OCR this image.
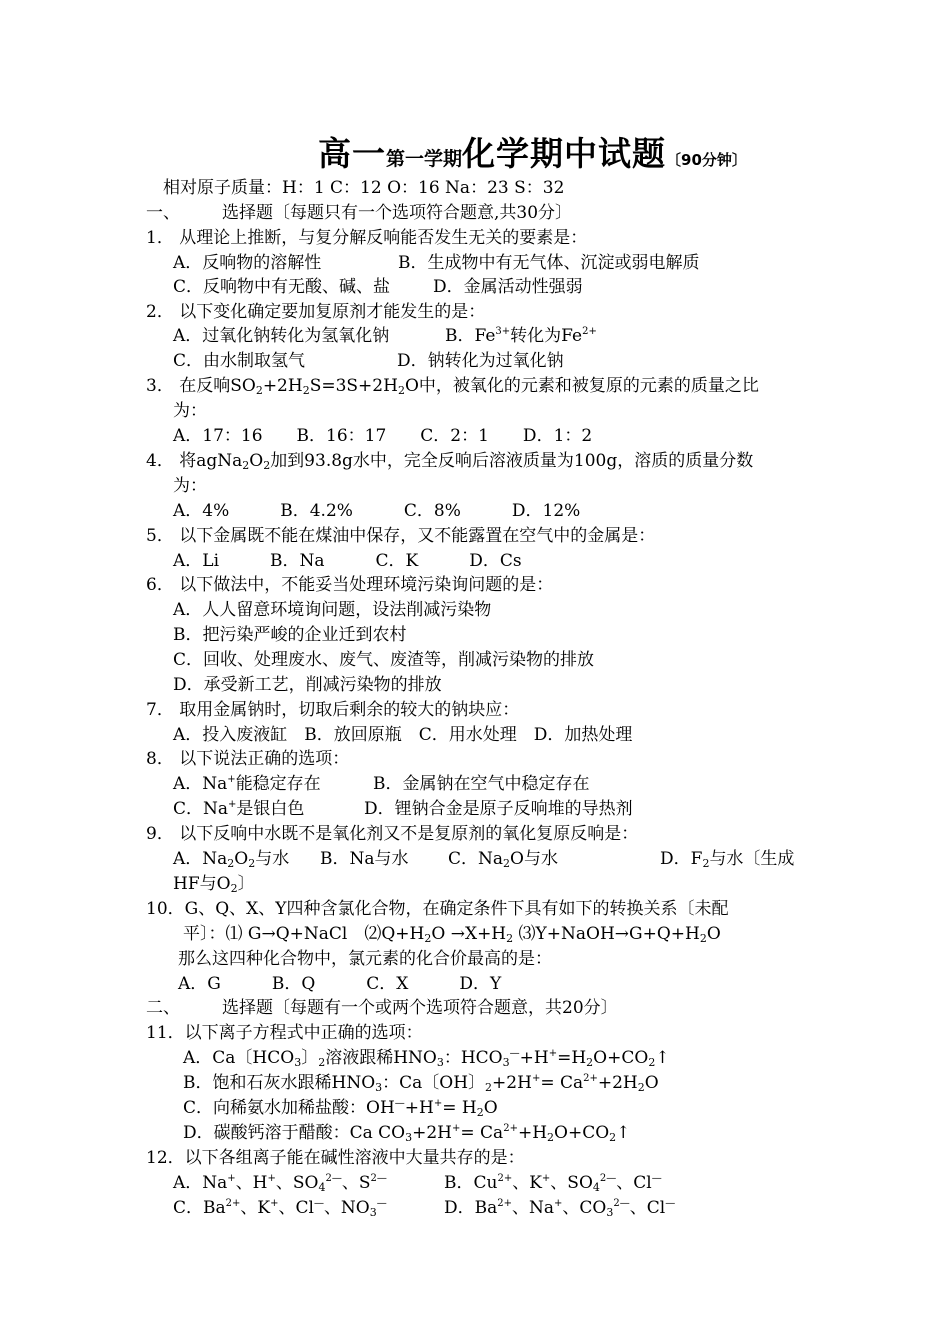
高一第一学期化学期中试题〔90分钟〕
相对原子质量：H：1 C：12 O：16 Na：23 S：32
一、 选择题〔每题只有一个选项符合题意,共30分〕
1． 从理论上推断，与复分解反响能否发生无关的要素是：
A．反响物的溶解性	B．生成物中有无气体、沉淀或弱电解质
C．反响物中有无酸、碱、盐	D．金属活动性强弱
2． 以下变化确定要加复原剂才能发生的是：
A．过氧化钠转化为氢氧化钠	B．$Fe^{3+}$转化为$Fe^{2+}$
C．由水制取氢气	D．钠转化为过氧化钠
3． 在反响$SO_2+2H_2S=3S+2H_2O$中，被氧化的元素和被复原的元素的质量之比
为：
A．17：16　　B．16：17　　C．2：1　　D．1：2
4． 将$agNa_2O_2$加到93.8g水中，完全反响后溶液质量为100g，溶质的质量分数
为：
A．4%　　　B．4.2%　　　C．8%　　　D．12%
5． 以下金属既不能在煤油中保存，又不能露置在空气中的金属是：
A．Li　　　B．Na　　　C．K　　　D．Cs
6． 以下做法中，不能妥当处理环境污染询问题的是：
A．人人留意环境询问题，设法削减污染物
B．把污染严峻的企业迁到农村
C．回收、处理废水、废气、废渣等，削减污染物的排放
D．承受新工艺，削减污染物的排放
7． 取用金属钠时，切取后剩余的较大的钠块应：
A．投入废液缸　B．放回原瓶　C．用水处理　D．加热处理
8． 以下说法正确的选项：
A．Na+能稳定存在	B．金属钠在空气中稳定存在
C．Na+是银白色	D．锂钠合金是原子反响堆的导热剂
9． 以下反响中水既不是氧化剂又不是复原剂的氧化复原反响是：
A．$Na_2O_2$与水 B．Na与水 C．$Na_2O$与水	D．$F_2$与水〔生成
HF与$O_2$〕
10．G、Q、X、Y四种含氯化合物，在确定条件下具有如下的转换关系〔未配
平〕：⑴ G→Q+NaCl　$⑵Q+H_2O \to X+H_2$ $⑶Y+NaOH\to G+Q+H_2O$
那么这四种化合物中，氯元素的化合价最高的是：
A．G　　　B．Q　　　C．X　　　D．Y
二、 选择题〔每题有一个或两个选项符合题意，共20分〕
11．以下离子方程式中正确的选项：
A．Ca〔$HCO_3$〕$_2$溶液跟稀$HNO_3$：$HCO_3^—+H^+=H_2O+CO_2↑$
B．饱和石灰水跟稀$HNO_3$：Ca〔OH〕$_2+2H^+= Ca^{2+}+2H_2O$
C．向稀氨水加稀盐酸：$OH^—+H^+= H_2O$
D．碳酸钙溶于醋酸：Ca $CO_3+2H^+=$ $Ca^{2+}+H_2O+CO_2↑$
12．以下各组离子能在碱性溶液中大量共存的是：
A．Na+、H+、$SO_4^{2—}$、$S^{2—}$	B．$Cu^{2+}$、K+、$SO_4^{2—}$、Cl—
C．$Ba^{2+}$、K+、Cl—、$NO_3^—$	D．$Ba^{2+}$、Na+、$CO_3^{2—}$、Cl—
